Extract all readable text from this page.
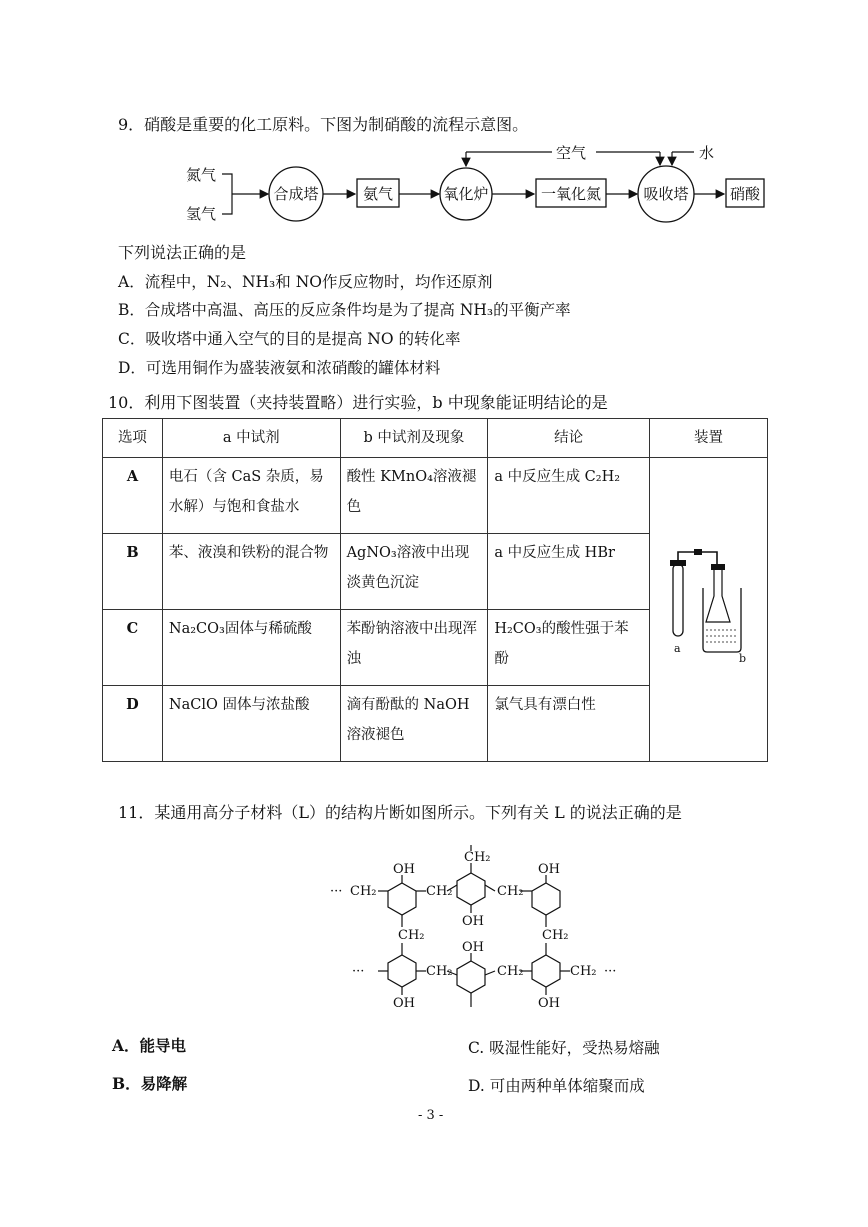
9．硝酸是重要的化工原料。下图为制硝酸的流程示意图。
氮气
氢气
合成塔	氨气	氧化炉	一氧化氮	吸收塔	硝酸
空气	水
下列说法正确的是
A．流程中，N₂、NH₃和 NO作反应物时，均作还原剂
B．合成塔中高温、高压的反应条件均是为了提高 NH₃的平衡产率
C．吸收塔中通入空气的目的是提高 NO 的转化率
D．可选用铜作为盛装液氨和浓硝酸的罐体材料
10．利用下图装置（夹持装置略）进行实验，b 中现象能证明结论的是
选项	a 中试剂	b 中试剂及现象	结论	装置
A	电石（含 CaS 杂质，易水解）与饱和食盐水	酸性 KMnO₄溶液褪色	a 中反应生成 C₂H₂	a
b

B	苯、液溴和铁粉的混合物	AgNO₃溶液中出现淡黄色沉淀	a 中反应生成 HBr	
C	Na₂CO₃固体与稀硫酸	苯酚钠溶液中出现浑浊	H₂CO₃的酸性强于苯酚	
D	NaClO 固体与浓盐酸	滴有酚酞的 NaOH 溶液褪色	氯气具有漂白性	
11．某通用高分子材料（L）的结构片断如图所示。下列有关 L 的说法正确的是
··· CH₂
OH
CH₂
CH₂
OH
CH₂
OH
CH₂	CH₂
···	CH₂
OH
CH₂	CH₂ ···
OH	OH
A．能导电
B．易降解
C. 吸湿性能好，受热易熔融
D. 可由两种单体缩聚而成
- 3 -
